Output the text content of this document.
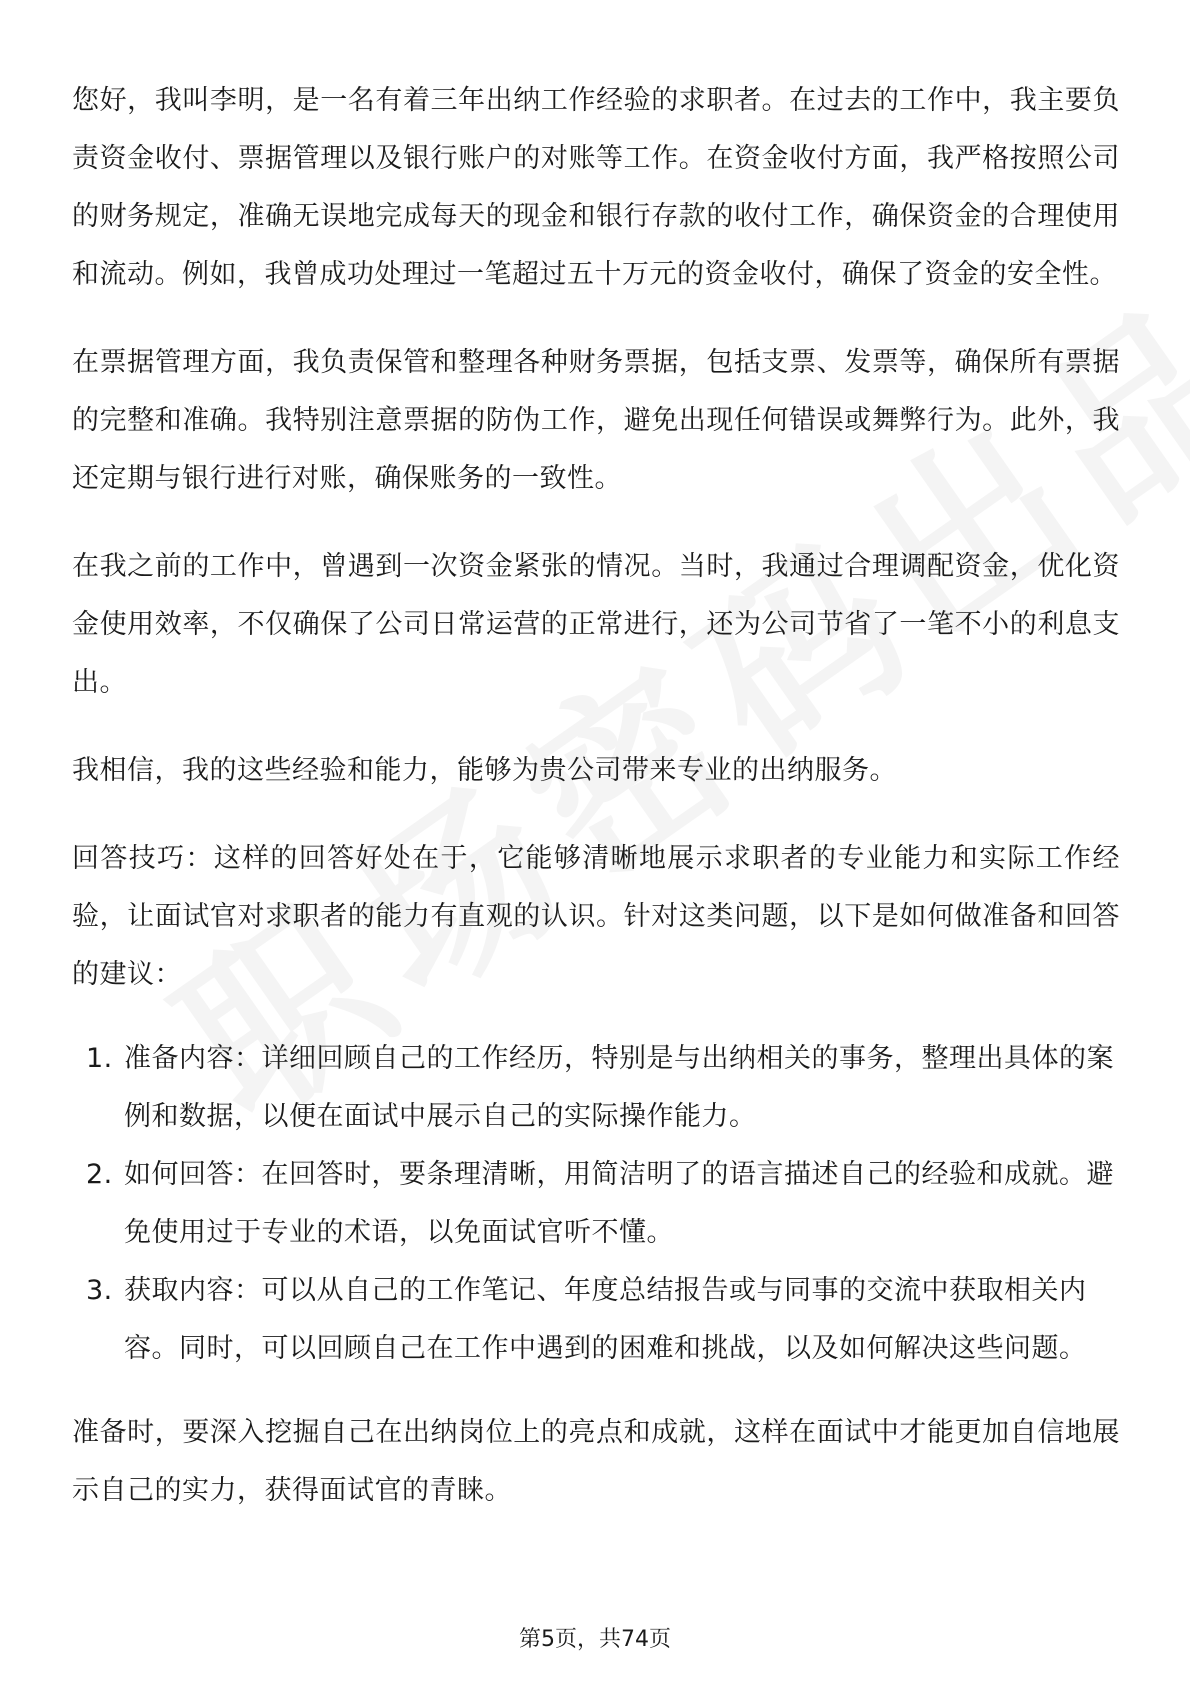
您好，我叫李明，是一名有着三年出纳工作经验的求职者。在过去的工作中，我主要负责资金收付、票据管理以及银行账户的对账等工作。在资金收付方面，我严格按照公司的财务规定，准确无误地完成每天的现金和银行存款的收付工作，确保资金的合理使用和流动。例如，我曾成功处理过一笔超过五十万元的资金收付，确保了资金的安全性。

在票据管理方面，我负责保管和整理各种财务票据，包括支票、发票等，确保所有票据的完整和准确。我特别注意票据的防伪工作，避免出现任何错误或舞弊行为。此外，我还定期与银行进行对账，确保账务的一致性。

在我之前的工作中，曾遇到一次资金紧张的情况。当时，我通过合理调配资金，优化资金使用效率，不仅确保了公司日常运营的正常进行，还为公司节省了一笔不小的利息支出。

我相信，我的这些经验和能力，能够为贵公司带来专业的出纳服务。

回答技巧：这样的回答好处在于，它能够清晰地展示求职者的专业能力和实际工作经验，让面试官对求职者的能力有直观的认识。针对这类问题，以下是如何做准备和回答的建议：

1. 准备内容：详细回顾自己的工作经历，特别是与出纳相关的事务，整理出具体的案例和数据，以便在面试中展示自己的实际操作能力。
2. 如何回答：在回答时，要条理清晰，用简洁明了的语言描述自己的经验和成就。避免使用过于专业的术语，以免面试官听不懂。
3. 获取内容：可以从自己的工作笔记、年度总结报告或与同事的交流中获取相关内容。同时，可以回顾自己在工作中遇到的困难和挑战，以及如何解决这些问题。

准备时，要深入挖掘自己在出纳岗位上的亮点和成就，这样在面试中才能更加自信地展示自己的实力，获得面试官的青睐。

第5页，共74页
